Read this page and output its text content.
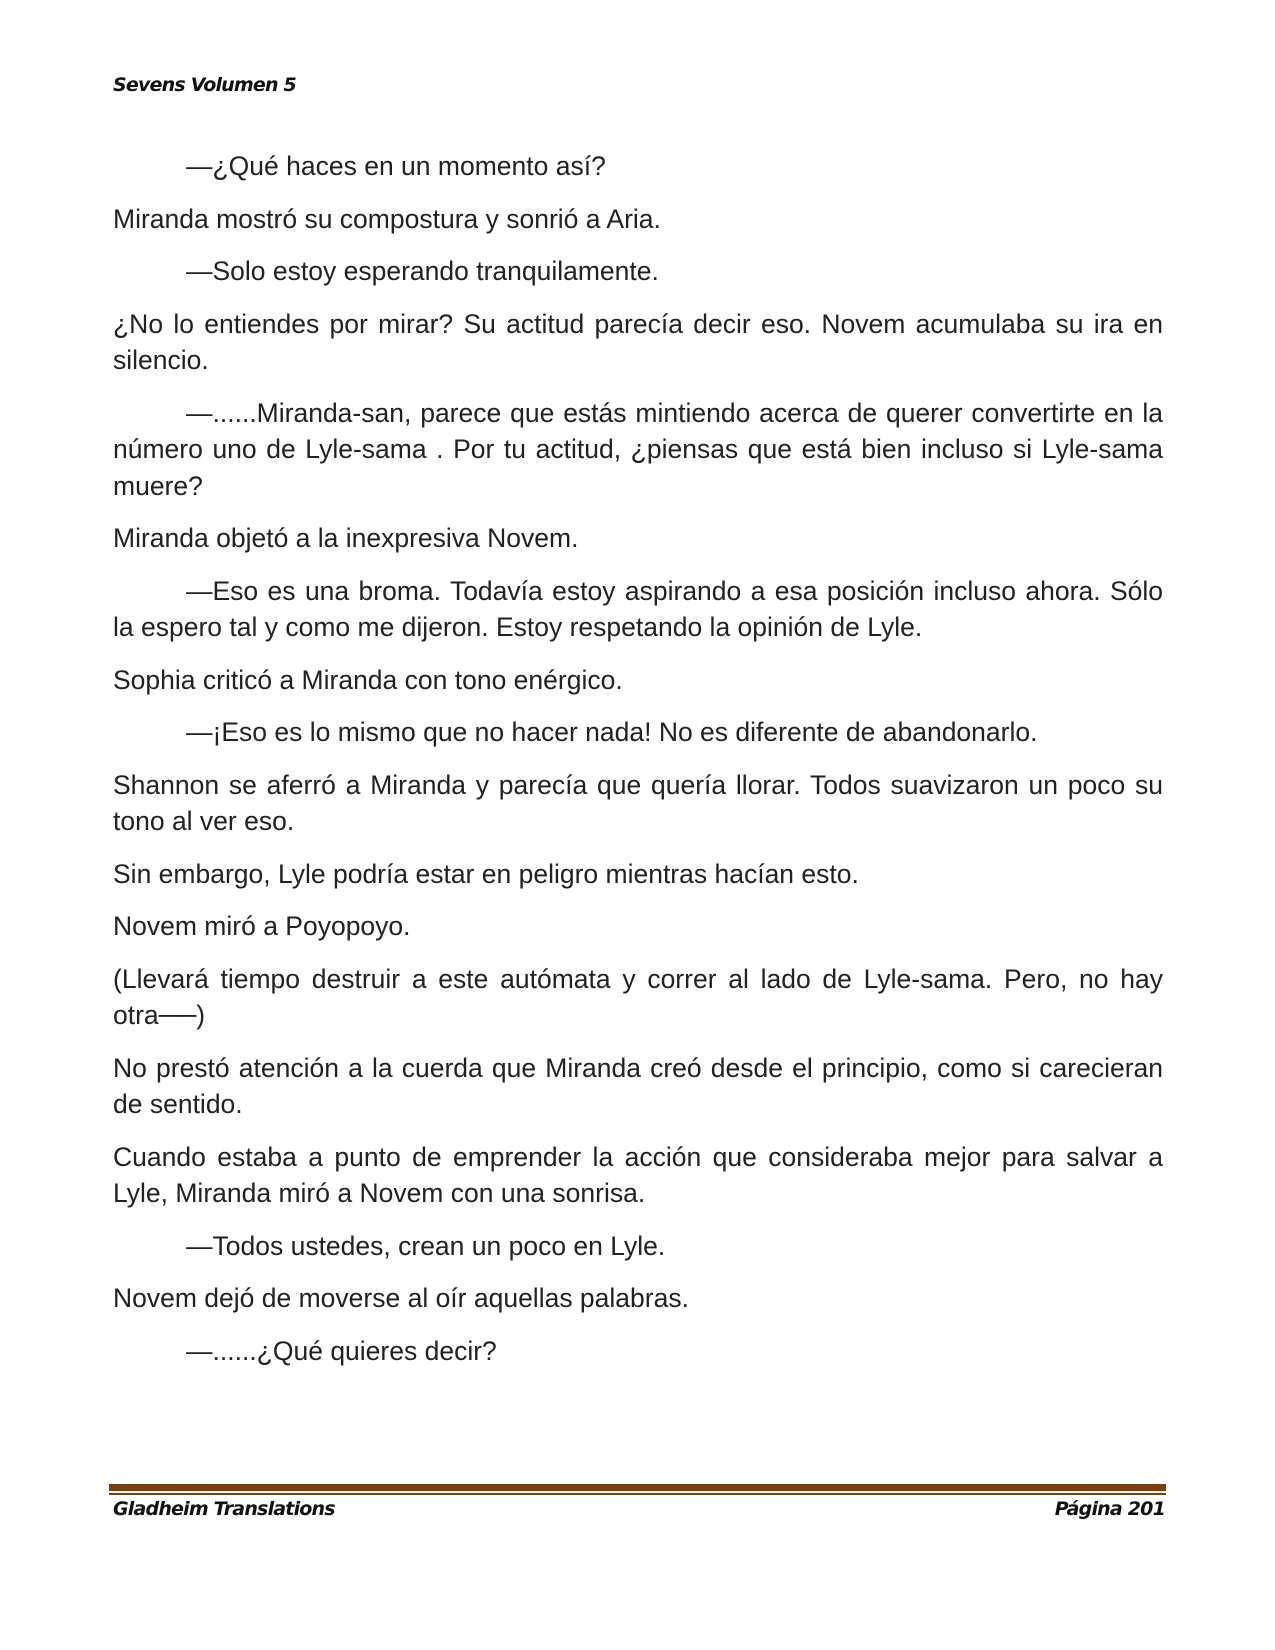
Sevens Volumen 5

—¿Qué haces en un momento así?

Miranda mostró su compostura y sonrió a Aria.

—Solo estoy esperando tranquilamente.

¿No lo entiendes por mirar? Su actitud parecía decir eso. Novem acumulaba su ira en silencio.

—......Miranda-san, parece que estás mintiendo acerca de querer convertirte en la número uno de Lyle-sama . Por tu actitud, ¿piensas que está bien incluso si Lyle-sama muere?

Miranda objetó a la inexpresiva Novem.

—Eso es una broma. Todavía estoy aspirando a esa posición incluso ahora. Sólo la espero tal y como me dijeron. Estoy respetando la opinión de Lyle.

Sophia criticó a Miranda con tono enérgico.

—¡Eso es lo mismo que no hacer nada! No es diferente de abandonarlo.

Shannon se aferró a Miranda y parecía que quería llorar. Todos suavizaron un poco su tono al ver eso.

Sin embargo, Lyle podría estar en peligro mientras hacían esto.

Novem miró a Poyopoyo.

(Llevará tiempo destruir a este autómata y correr al lado de Lyle-sama. Pero, no hay otra──)

No prestó atención a la cuerda que Miranda creó desde el principio, como si carecieran de sentido.

Cuando estaba a punto de emprender la acción que consideraba mejor para salvar a Lyle, Miranda miró a Novem con una sonrisa.

—Todos ustedes, crean un poco en Lyle.

Novem dejó de moverse al oír aquellas palabras.

—......¿Qué quieres decir?

Gladheim Translations	Página 201
